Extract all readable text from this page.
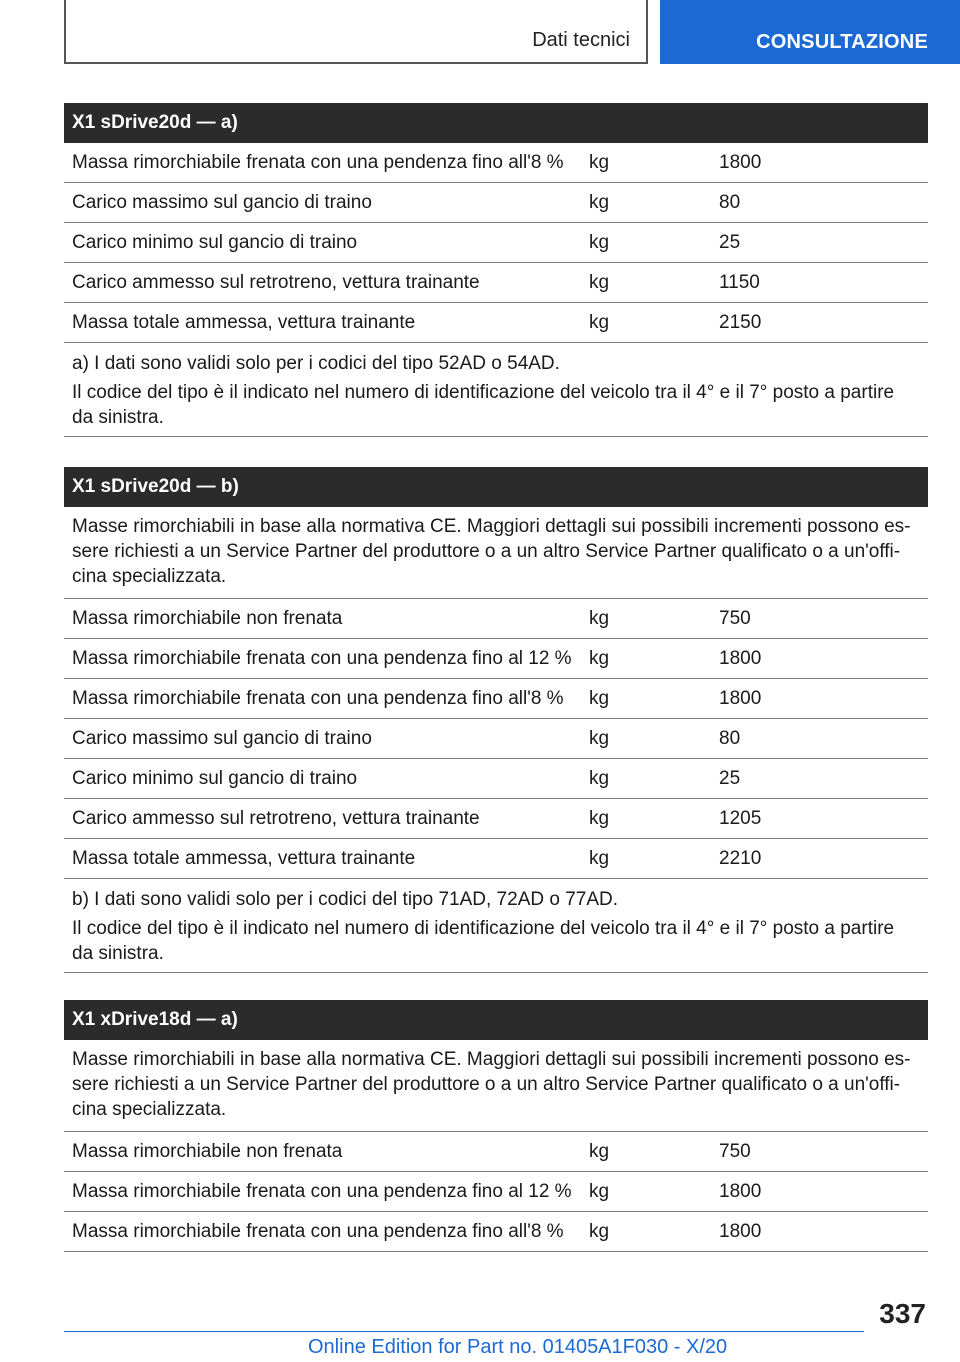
Dati tecnici	CONSULTAZIONE
X1 sDrive20d — a)
Massa rimorchiabile frenata con una pendenza fino all'8 % kg	1800
Carico massimo sul gancio di traino	kg	80
Carico minimo sul gancio di traino	kg	25
Carico ammesso sul retrotreno, vettura trainante	kg	1150
Massa totale ammessa, vettura trainante	kg	2150

a) I dati sono validi solo per i codici del tipo 52AD o 54AD.

Il codice del tipo è il indicato nel numero di identificazione del veicolo tra il 4° e il 7° posto a partire da sinistra.

X1 sDrive20d — b)
Masse rimorchiabili in base alla normativa CE. Maggiori dettagli sui possibili incrementi possono es-sere richiesti a un Service Partner del produttore o a un altro Service Partner qualificato o a un'offi-cina specializzata.
Massa rimorchiabile non frenata	kg	750
Massa rimorchiabile frenata con una pendenza fino al 12 % kg	1800
Massa rimorchiabile frenata con una pendenza fino all'8 % kg	1800
Carico massimo sul gancio di traino	kg	80
Carico minimo sul gancio di traino	kg	25
Carico ammesso sul retrotreno, vettura trainante	kg	1205
Massa totale ammessa, vettura trainante	kg	2210

b) I dati sono validi solo per i codici del tipo 71AD, 72AD o 77AD.

Il codice del tipo è il indicato nel numero di identificazione del veicolo tra il 4° e il 7° posto a partire da sinistra.

X1 xDrive18d — a)
Masse rimorchiabili in base alla normativa CE. Maggiori dettagli sui possibili incrementi possono es-sere richiesti a un Service Partner del produttore o a un altro Service Partner qualificato o a un'offi-cina specializzata.
Massa rimorchiabile non frenata	kg	750
Massa rimorchiabile frenata con una pendenza fino al 12 % kg	1800
Massa rimorchiabile frenata con una pendenza fino all'8 % kg	1800
337
Online Edition for Part no. 01405A1F030 - X/20
